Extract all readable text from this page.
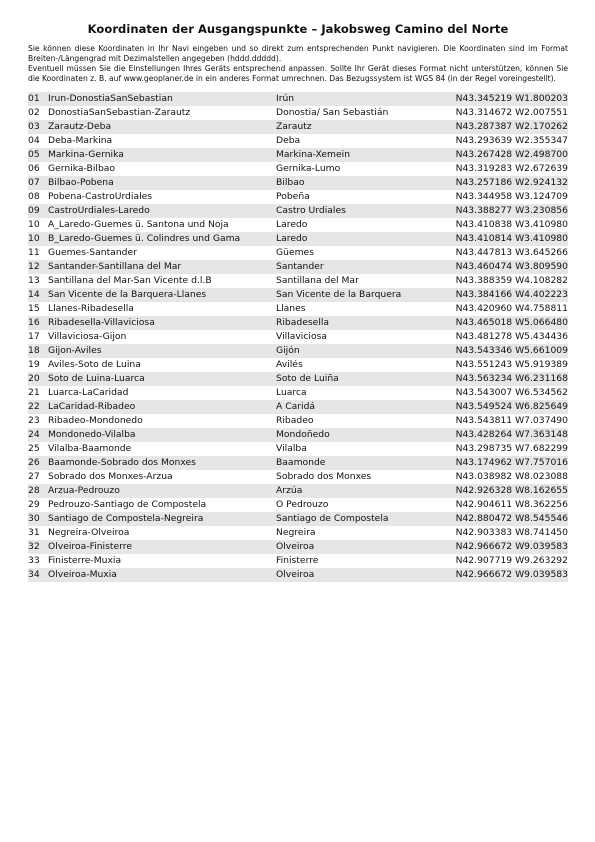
Koordinaten der Ausgangspunkte – Jakobsweg Camino del Norte

Sie können diese Koordinaten in Ihr Navi eingeben und so direkt zum entsprechenden Punkt navigieren. Die Koordinaten sind im Format Breiten-/Längengrad mit Dezimalstellen angegeben (hddd.ddddd).

Eventuell müssen Sie die Einstellungen Ihres Geräts entsprechend anpassen. Sollte Ihr Gerät dieses Format nicht unterstützen, können Sie die Koordinaten z. B. auf www.geoplaner.de in ein anderes Format umrechnen. Das Bezugssystem ist WGS 84 (in der Regel voreingestellt).

01	Irun-DonostiaSanSebastian	Irún	N43.345219 W1.800203
02	DonostiaSanSebastian-Zarautz	Donostia/ San Sebastián	N43.314672 W2.007551
03	Zarautz-Deba	Zarautz	N43.287387 W2.170262
04	Deba-Markina	Deba	N43.293639 W2.355347
05	Markina-Gernika	Markina-Xemein	N43.267428 W2.498700
06	Gernika-Bilbao	Gernika-Lumo	N43.319283 W2.672639
07	Bilbao-Pobena	Bilbao	N43.257186 W2.924132
08	Pobena-CastroUrdiales	Pobeña	N43.344958 W3.124709
09	CastroUrdiales-Laredo	Castro Urdiales	N43.388277 W3.230856
10	A_Laredo-Guemes ü. Santona und Noja	Laredo	N43.410838 W3.410980
10	B_Laredo-Guemes ü. Colindres und Gama	Laredo	N43.410814 W3.410980
11	Guemes-Santander	Güemes	N43.447813 W3.645266
12	Santander-Santillana del Mar	Santander	N43.460474 W3.809590
13	Santillana del Mar-San Vicente d.l.B	Santillana del Mar	N43.388359 W4.108282
14	San Vicente de la Barquera-Llanes	San Vicente de la Barquera	N43.384166 W4.402223
15	Llanes-Ribadesella	Llanes	N43.420960 W4.758811
16	Ribadesella-Villaviciosa	Ribadesella	N43.465018 W5.066480
17	Villaviciosa-Gijon	Villaviciosa	N43.481278 W5.434436
18	Gijon-Aviles	Gijón	N43.543346 W5.661009
19	Aviles-Soto de Luina	Avilés	N43.551243 W5.919389
20	Soto de Luina-Luarca	Soto de Luiña	N43.563234 W6.231168
21	Luarca-LaCaridad	Luarca	N43.543007 W6.534562
22	LaCaridad-Ribadeo	A Caridá	N43.549524 W6.825649
23	Ribadeo-Mondonedo	Ribadeo	N43.543811 W7.037490
24	Mondonedo-Vilalba	Mondoñedo	N43.428264 W7.363148
25	Vilalba-Baamonde	Vilalba	N43.298735 W7.682299
26	Baamonde-Sobrado dos Monxes	Baamonde	N43.174962 W7.757016
27	Sobrado dos Monxes-Arzua	Sobrado dos Monxes	N43.038982 W8.023088
28	Arzua-Pedrouzo	Arzúa	N42.926328 W8.162655
29	Pedrouzo-Santiago de Compostela	O Pedrouzo	N42.904611 W8.362256
30	Santiago de Compostela-Negreira	Santiago de Compostela	N42.880472 W8.545546
31	Negreira-Olveiroa	Negreira	N42.903383 W8.741450
32	Olveiroa-Finisterre	Olveiroa	N42.966672 W9.039583
33	Finisterre-Muxia	Finisterre	N42.907719 W9.263292
34	Olveiroa-Muxia	Olveiroa	N42.966672 W9.039583
